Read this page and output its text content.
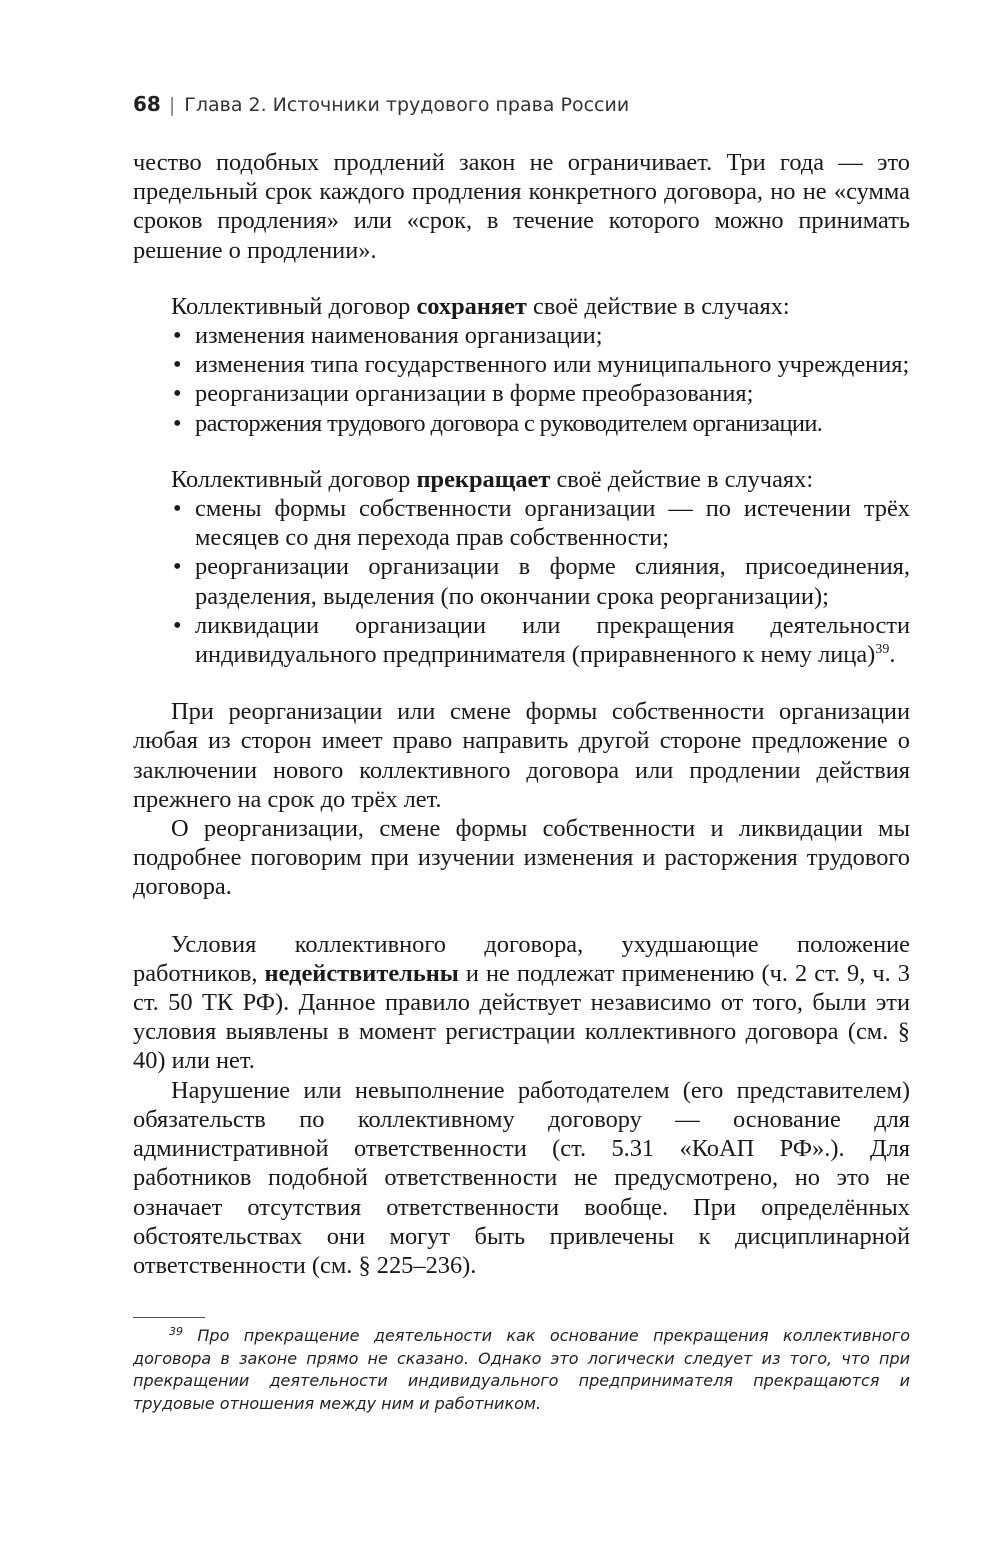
68 | Глава 2. Источники трудового права России

чество подобных продлений закон не ограничивает. Три года — это предельный срок каждого продления конкретного договора, но не «сумма сроков продления» или «срок, в течение которого можно принимать решение о продлении».

Коллективный договор сохраняет своё действие в случаях:

• изменения наименования организации;
• изменения типа государственного или муниципального учреждения;
• реорганизации организации в форме преобразования;
• расторжения трудового договора с руководителем организации.

Коллективный договор прекращает своё действие в случаях:

• смены формы собственности организации — по истечении трёх месяцев со дня перехода прав собственности;
• реорганизации организации в форме слияния, присоединения, разделения, выделения (по окончании срока реорганизации);
• ликвидации организации или прекращения деятельности индивидуального предпринимателя (приравненного к нему лица)$^{39}$.

При реорганизации или смене формы собственности организации любая из сторон имеет право направить другой стороне предложение о заключении нового коллективного договора или продлении действия прежнего на срок до трёх лет.

О реорганизации, смене формы собственности и ликвидации мы подробнее поговорим при изучении изменения и расторжения трудового договора.

Условия коллективного договора, ухудшающие положение работников, недействительны и не подлежат применению (ч. 2 ст. 9, ч. 3 ст. 50 ТК РФ). Данное правило действует независимо от того, были эти условия выявлены в момент регистрации коллективного договора (см. § 40) или нет.

Нарушение или невыполнение работодателем (его представителем) обязательств по коллективному договору — основание для административной ответственности (ст. 5.31 «КоАП РФ».). Для работников подобной ответственности не предусмотрено, но это не означает отсутствия ответственности вообще. При определённых обстоятельствах они могут быть привлечены к дисциплинарной ответственности (см. § 225–236).

$^{39}$ Про прекращение деятельности как основание прекращения коллективного договора в законе прямо не сказано. Однако это логически следует из того, что при прекращении деятельности индивидуального предпринимателя прекращаются и трудовые отношения между ним и работником.
